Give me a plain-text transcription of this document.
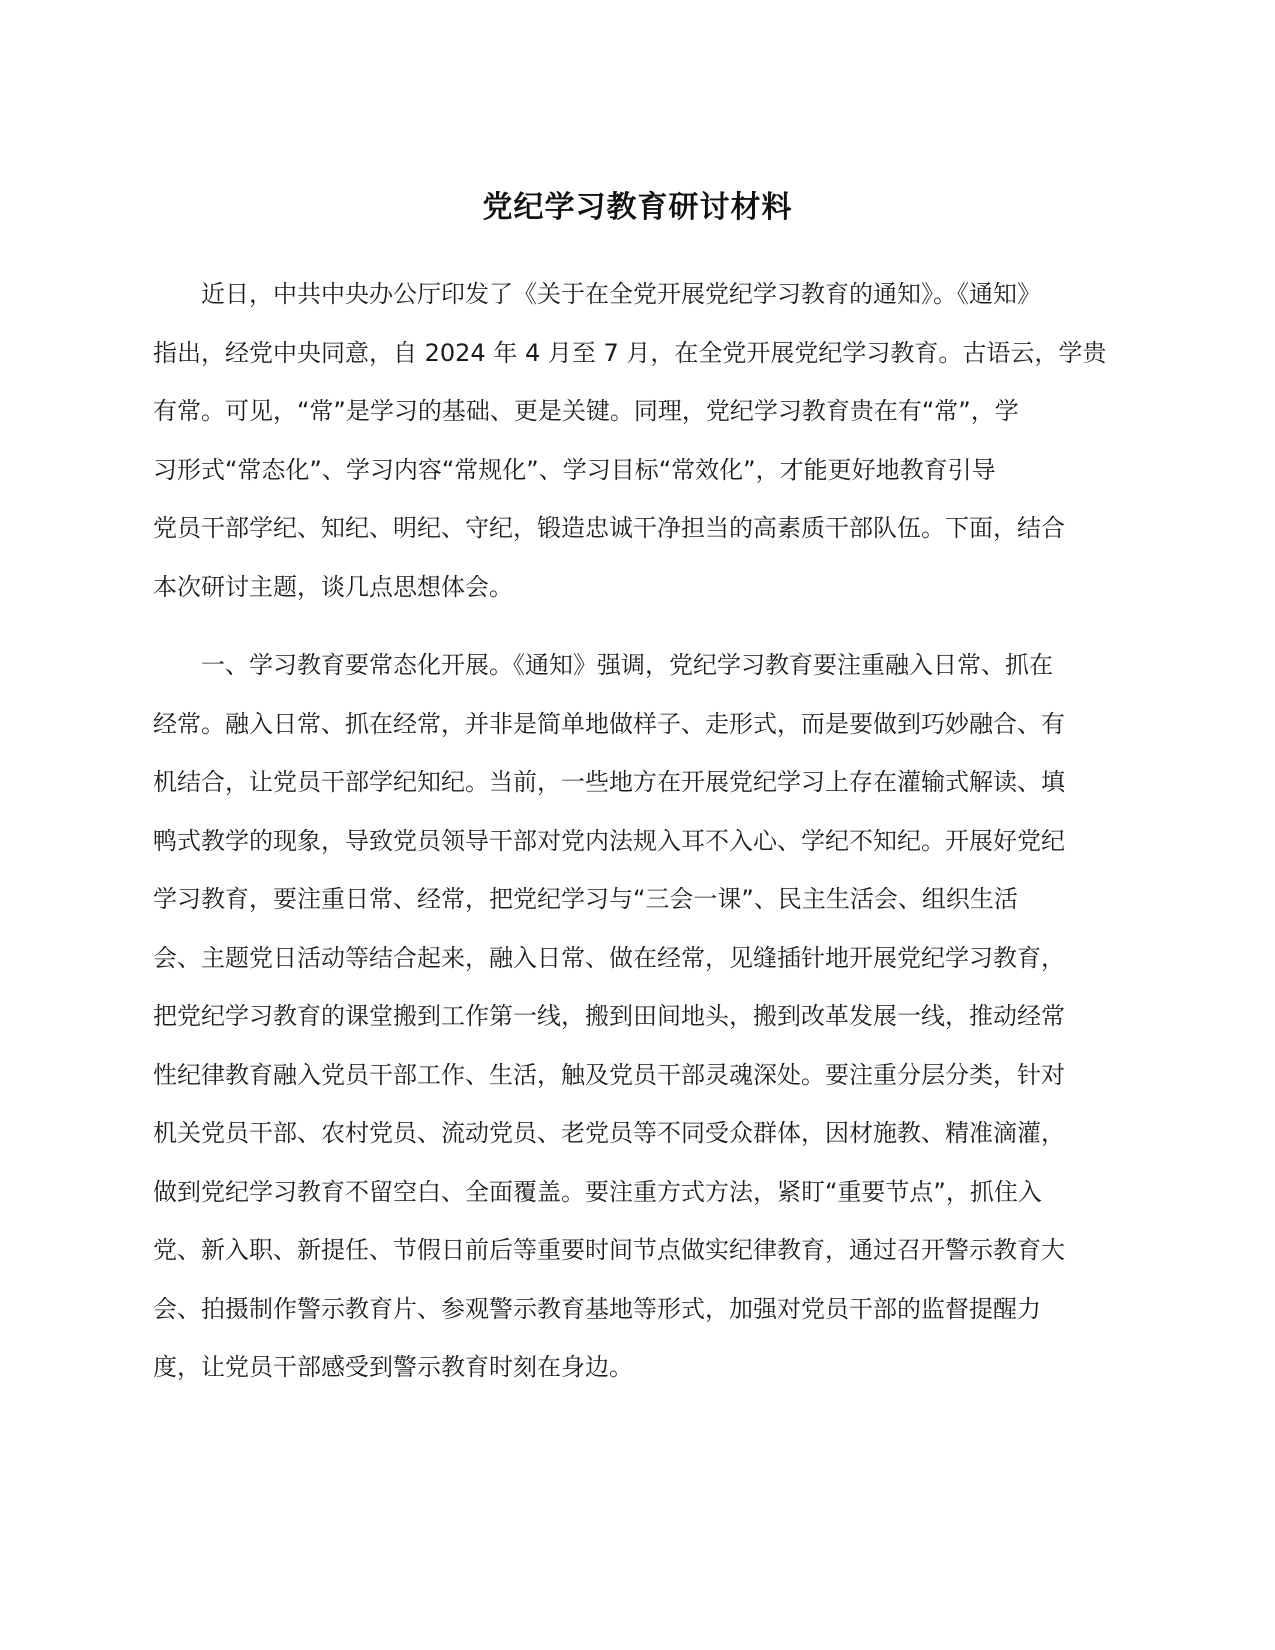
党纪学习教育研讨材料
近日，中共中央办公厅印发了《关于在全党开展党纪学习教育的通知》。《通知》
指出，经党中央同意，自 2024 年 4 月至 7 月，在全党开展党纪学习教育。古语云，学贵
有常。可见，“常”是学习的基础、更是关键。同理，党纪学习教育贵在有“常”，学
习形式“常态化”、学习内容“常规化”、学习目标“常效化”，才能更好地教育引导
党员干部学纪、知纪、明纪、守纪，锻造忠诚干净担当的高素质干部队伍。下面，结合
本次研讨主题，谈几点思想体会。
一、学习教育要常态化开展。《通知》强调，党纪学习教育要注重融入日常、抓在
经常。融入日常、抓在经常，并非是简单地做样子、走形式，而是要做到巧妙融合、有
机结合，让党员干部学纪知纪。当前，一些地方在开展党纪学习上存在灌输式解读、填
鸭式教学的现象，导致党员领导干部对党内法规入耳不入心、学纪不知纪。开展好党纪
学习教育，要注重日常、经常，把党纪学习与“三会一课”、民主生活会、组织生活
会、主题党日活动等结合起来，融入日常、做在经常，见缝插针地开展党纪学习教育，
把党纪学习教育的课堂搬到工作第一线，搬到田间地头，搬到改革发展一线，推动经常
性纪律教育融入党员干部工作、生活，触及党员干部灵魂深处。要注重分层分类，针对
机关党员干部、农村党员、流动党员、老党员等不同受众群体，因材施教、精准滴灌，
做到党纪学习教育不留空白、全面覆盖。要注重方式方法，紧盯“重要节点”，抓住入
党、新入职、新提任、节假日前后等重要时间节点做实纪律教育，通过召开警示教育大
会、拍摄制作警示教育片、参观警示教育基地等形式，加强对党员干部的监督提醒力
度，让党员干部感受到警示教育时刻在身边。
